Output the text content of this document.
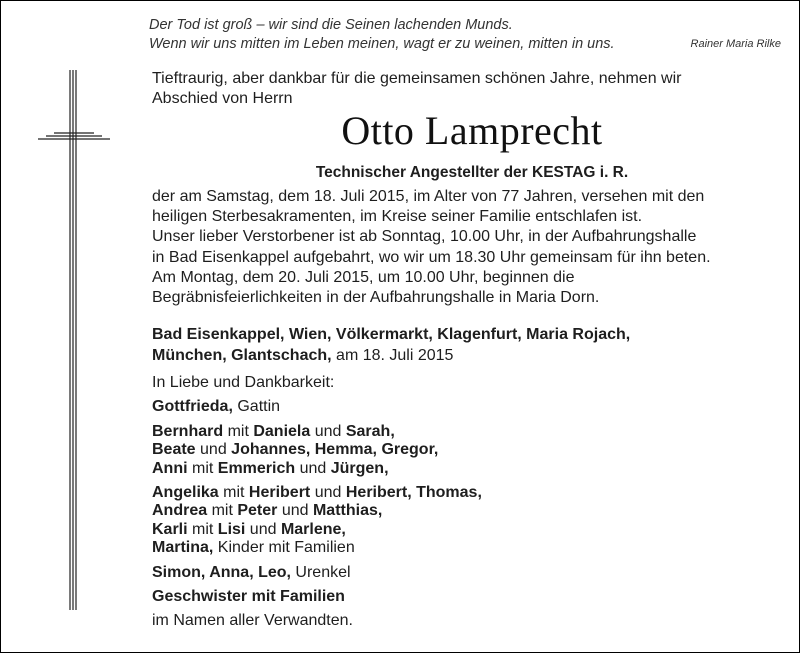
Der Tod ist groß – wir sind die Seinen lachenden Munds.
Wenn wir uns mitten im Leben meinen, wagt er zu weinen, mitten in uns.	Rainer Maria Rilke
Tieftraurig, aber dankbar für die gemeinsamen schönen Jahre, nehmen wir
Abschied von Herrn
Otto Lamprecht
Technischer Angestellter der KESTAG i. R.
der am Samstag, dem 18. Juli 2015, im Alter von 77 Jahren, versehen mit den
heiligen Sterbesakramenten, im Kreise seiner Familie entschlafen ist.
Unser lieber Verstorbener ist ab Sonntag, 10.00 Uhr, in der Aufbahrungshalle
in Bad Eisenkappel aufgebahrt, wo wir um 18.30 Uhr gemeinsam für ihn beten.
Am Montag, dem 20. Juli 2015, um 10.00 Uhr, beginnen die
Begräbnisfeierlichkeiten in der Aufbahrungshalle in Maria Dorn.
Bad Eisenkappel, Wien, Völkermarkt, Klagenfurt, Maria Rojach,
München, Glantschach, am 18. Juli 2015
In Liebe und Dankbarkeit:
Gottfrieda, Gattin
Bernhard mit Daniela und Sarah,
Beate und Johannes, Hemma, Gregor,
Anni mit Emmerich und Jürgen,
Angelika mit Heribert und Heribert, Thomas,
Andrea mit Peter und Matthias,
Karli mit Lisi und Marlene,
Martina, Kinder mit Familien
Simon, Anna, Leo, Urenkel
Geschwister mit Familien
im Namen aller Verwandten.
